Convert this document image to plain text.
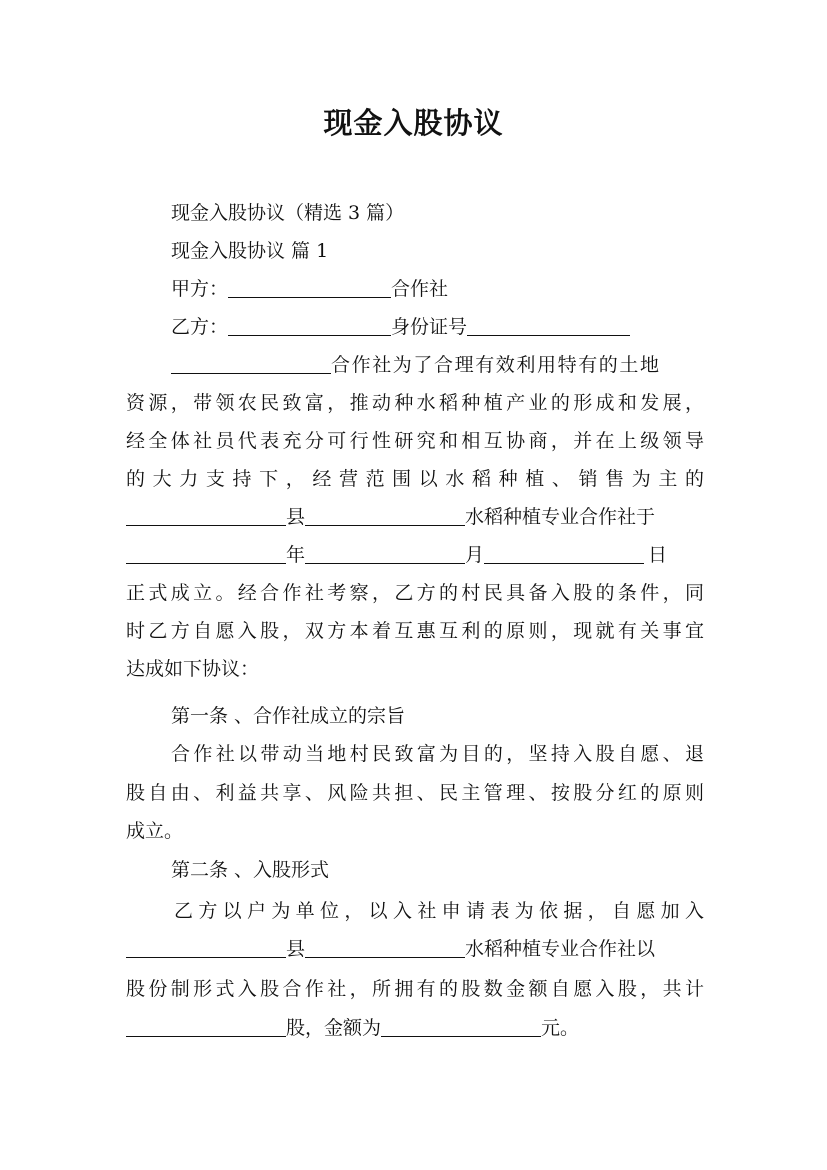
现金入股协议
现金入股协议（精选 3 篇）
现金入股协议 篇 1
甲方：	合作社
乙方：	身份证号
合作社为了合理有效利用特有的土地
资源，带领农民致富，推动种水稻种植产业的形成和发展，
经全体社员代表充分可行性研究和相互协商，并在上级领导
的大力支持下，经营范围以水稻种植、销售为主的
县	水稻种植专业合作社于
年	月	日
正式成立。经合作社考察，乙方的村民具备入股的条件，同
时乙方自愿入股，双方本着互惠互利的原则，现就有关事宜
达成如下协议：
第一条 、合作社成立的宗旨
合作社以带动当地村民致富为目的，坚持入股自愿、退
股自由、利益共享、风险共担、民主管理、按股分红的原则
成立。
第二条 、入股形式
乙方以户为单位，以入社申请表为依据，自愿加入
县	水稻种植专业合作社以
股份制形式入股合作社，所拥有的股数金额自愿入股，共计
股，金额为	元。
